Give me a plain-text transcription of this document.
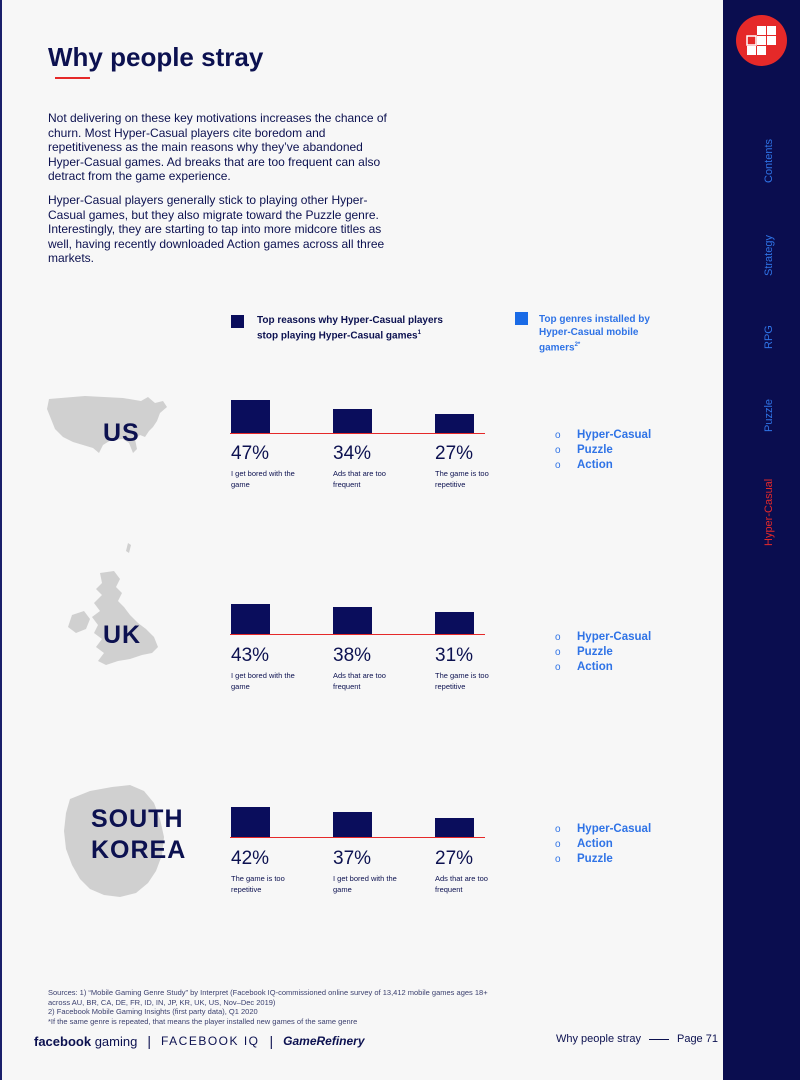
Contents
Strategy
RPG
Puzzle
Hyper-Casual
Why people stray
Not delivering on these key motivations increases the chance of churn. Most Hyper-Casual players cite boredom and repetitiveness as the main reasons why they’ve abandoned Hyper-Casual games. Ad breaks that are too frequent can also detract from the game experience.
Hyper-Casual players generally stick to playing other Hyper-Casual games, but they also migrate toward the Puzzle genre. Interestingly, they are starting to tap into more midcore titles as well, having recently downloaded Action games across all three markets.
Top reasons why Hyper-Casual players stop playing Hyper-Casual games$^1$
Top genres installed by Hyper-Casual mobile gamers$^{2*}$
US
47%	34%	27%
I get bored with the game
Ads that are too frequent
The game is too repetitive
o Hyper-Casual
o Puzzle
o Action
UK
43%	38%	31%
I get bored with the game
Ads that are too frequent
The game is too repetitive
o Hyper-Casual
o Puzzle
o Action
SOUTH
KOREA 42%	37%	27%
The game is too repetitive
I get bored with the game
Ads that are too frequent
o Hyper-Casual
o Action
o Puzzle
Sources: 1) “Mobile Gaming Genre Study” by Interpret (Facebook IQ-commissioned online survey of 13,412 mobile games ages 18+ across AU, BR, CA, DE, FR, ID, IN, JP, KR, UK, US, Nov–Dec 2019)
2) Facebook Mobile Gaming Insights (first party data), Q1 2020
*If the same genre is repeated, that means the player installed new games of the same genre
facebook gaming | FACEBOOK IQ | GameRefinery	Why people stray	Page 71
